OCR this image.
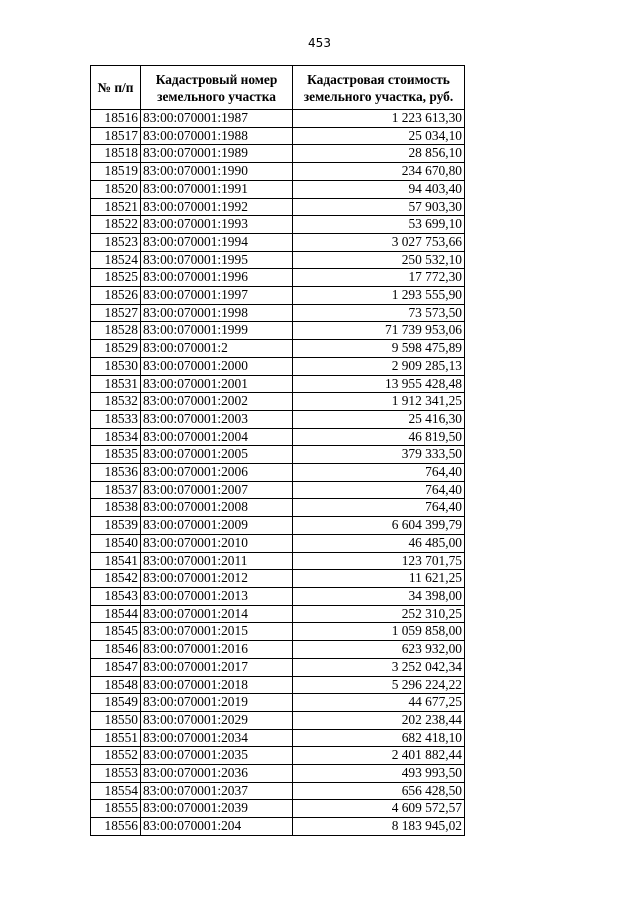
453
№ п/п	Кадастровый номер земельного участка	Кадастровая стоимость земельного участка, руб.
18516	83:00:070001:1987	1 223 613,30
18517	83:00:070001:1988	25 034,10
18518	83:00:070001:1989	28 856,10
18519	83:00:070001:1990	234 670,80
18520	83:00:070001:1991	94 403,40
18521	83:00:070001:1992	57 903,30
18522	83:00:070001:1993	53 699,10
18523	83:00:070001:1994	3 027 753,66
18524	83:00:070001:1995	250 532,10
18525	83:00:070001:1996	17 772,30
18526	83:00:070001:1997	1 293 555,90
18527	83:00:070001:1998	73 573,50
18528	83:00:070001:1999	71 739 953,06
18529	83:00:070001:2	9 598 475,89
18530	83:00:070001:2000	2 909 285,13
18531	83:00:070001:2001	13 955 428,48
18532	83:00:070001:2002	1 912 341,25
18533	83:00:070001:2003	25 416,30
18534	83:00:070001:2004	46 819,50
18535	83:00:070001:2005	379 333,50
18536	83:00:070001:2006	764,40
18537	83:00:070001:2007	764,40
18538	83:00:070001:2008	764,40
18539	83:00:070001:2009	6 604 399,79
18540	83:00:070001:2010	46 485,00
18541	83:00:070001:2011	123 701,75
18542	83:00:070001:2012	11 621,25
18543	83:00:070001:2013	34 398,00
18544	83:00:070001:2014	252 310,25
18545	83:00:070001:2015	1 059 858,00
18546	83:00:070001:2016	623 932,00
18547	83:00:070001:2017	3 252 042,34
18548	83:00:070001:2018	5 296 224,22
18549	83:00:070001:2019	44 677,25
18550	83:00:070001:2029	202 238,44
18551	83:00:070001:2034	682 418,10
18552	83:00:070001:2035	2 401 882,44
18553	83:00:070001:2036	493 993,50
18554	83:00:070001:2037	656 428,50
18555	83:00:070001:2039	4 609 572,57
18556	83:00:070001:204	8 183 945,02
